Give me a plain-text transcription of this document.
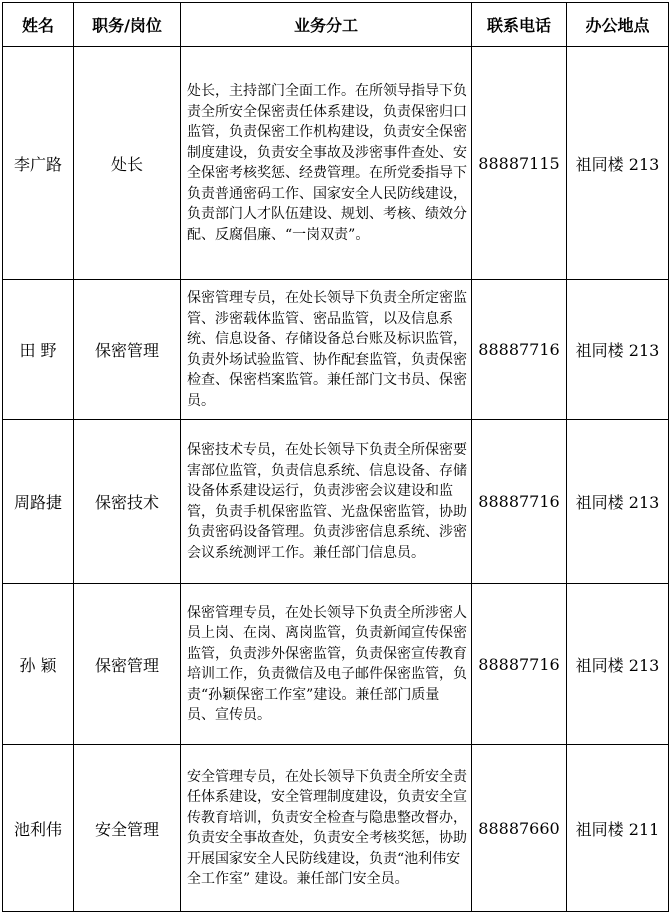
姓名	职务/岗位	业务分工	联系电话	办公地点
李广路	处长	处长，主持部门全面工作。在所领导指导下负责全所安全保密责任体系建设，负责保密归口监管，负责保密工作机构建设，负责安全保密制度建设，负责安全事故及涉密事件查处、安全保密考核奖惩、经费管理。在所党委指导下负责普通密码工作、国家安全人民防线建设，负责部门人才队伍建设、规划、考核、绩效分配、反腐倡廉、“一岗双责”。	88887115	祖同楼 213
田 野	保密管理	保密管理专员，在处长领导下负责全所定密监管、涉密载体监管、密品监管，以及信息系统、信息设备、存储设备总台账及标识监管，负责外场试验监管、协作配套监管，负责保密检查、保密档案监管。兼任部门文书员、保密员。	88887716	祖同楼 213
周路捷	保密技术	保密技术专员，在处长领导下负责全所保密要害部位监管，负责信息系统、信息设备、存储设备体系建设运行，负责涉密会议建设和监管，负责手机保密监管、光盘保密监管，协助负责密码设备管理。负责涉密信息系统、涉密会议系统测评工作。兼任部门信息员。	88887716	祖同楼 213
孙 颖	保密管理	保密管理专员，在处长领导下负责全所涉密人员上岗、在岗、离岗监管，负责新闻宣传保密监管，负责涉外保密监管，负责保密宣传教育培训工作，负责微信及电子邮件保密监管，负责“孙颖保密工作室”建设。兼任部门质量员、宣传员。	88887716	祖同楼 213
池利伟	安全管理	安全管理专员，在处长领导下负责全所安全责任体系建设，安全管理制度建设，负责安全宣传教育培训，负责安全检查与隐患整改督办，负责安全事故查处，负责安全考核奖惩，协助开展国家安全人民防线建设，负责“池利伟安全工作室” 建设。兼任部门安全员。	88887660	祖同楼 211
